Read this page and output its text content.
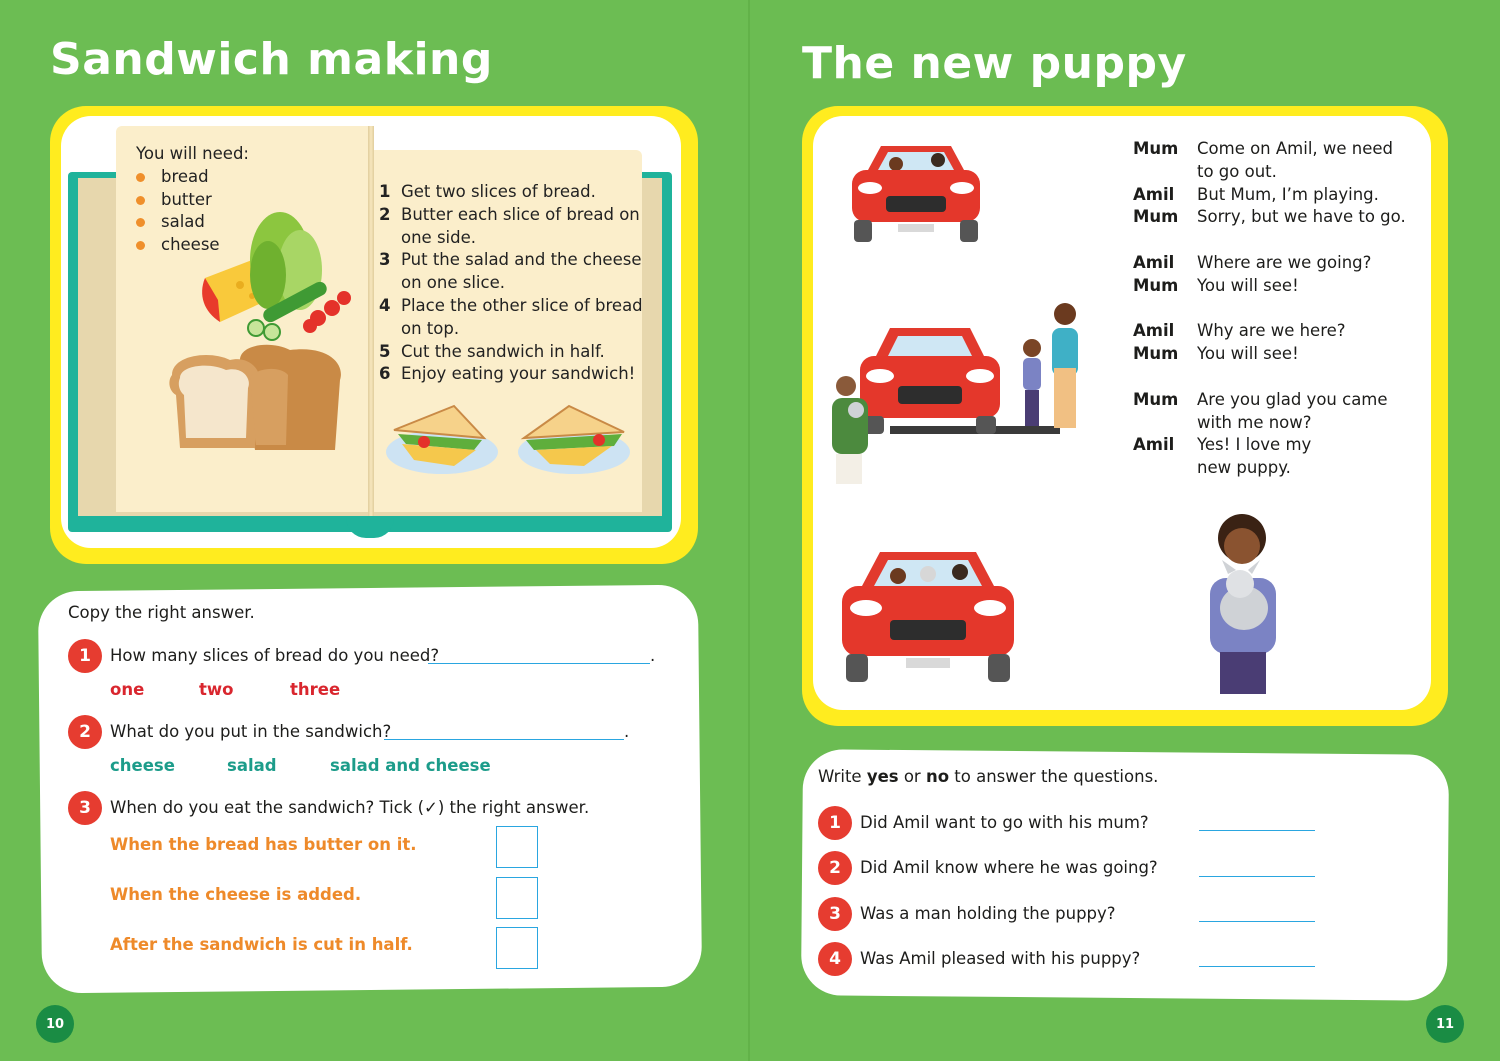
Sandwich making
You will need:
bread
butter
salad
cheese
1 Get two slices of bread.
2 Butter each slice of bread on
one side.
3 Put the salad and the cheese
on one slice.
4 Place the other slice of bread
on top.
5 Cut the sandwich in half.
6 Enjoy eating your sandwich!
Copy the right answer.
1	How many slices of bread do you need?	.
one	two	three
2	What do you put in the sandwich?	.
cheese	salad	salad and cheese
3	When do you eat the sandwich? Tick (✓) the right answer.
When the bread has butter on it.
When the cheese is added.
After the sandwich is cut in half.
10
The new puppy
Mum	Come on Amil, we need
to go out.
Amil	But Mum, I’m playing.
Mum	Sorry, but we have to go.
Amil	Where are we going?
Mum	You will see!
Amil	Why are we here?
Mum	You will see!
Mum	Are you glad you came
with me now?
Amil	Yes! I love my
new puppy.
Write yes or no to answer the questions.
1	Did Amil want to go with his mum?
2	Did Amil know where he was going?
3	Was a man holding the puppy?
4	Was Amil pleased with his puppy?
11
